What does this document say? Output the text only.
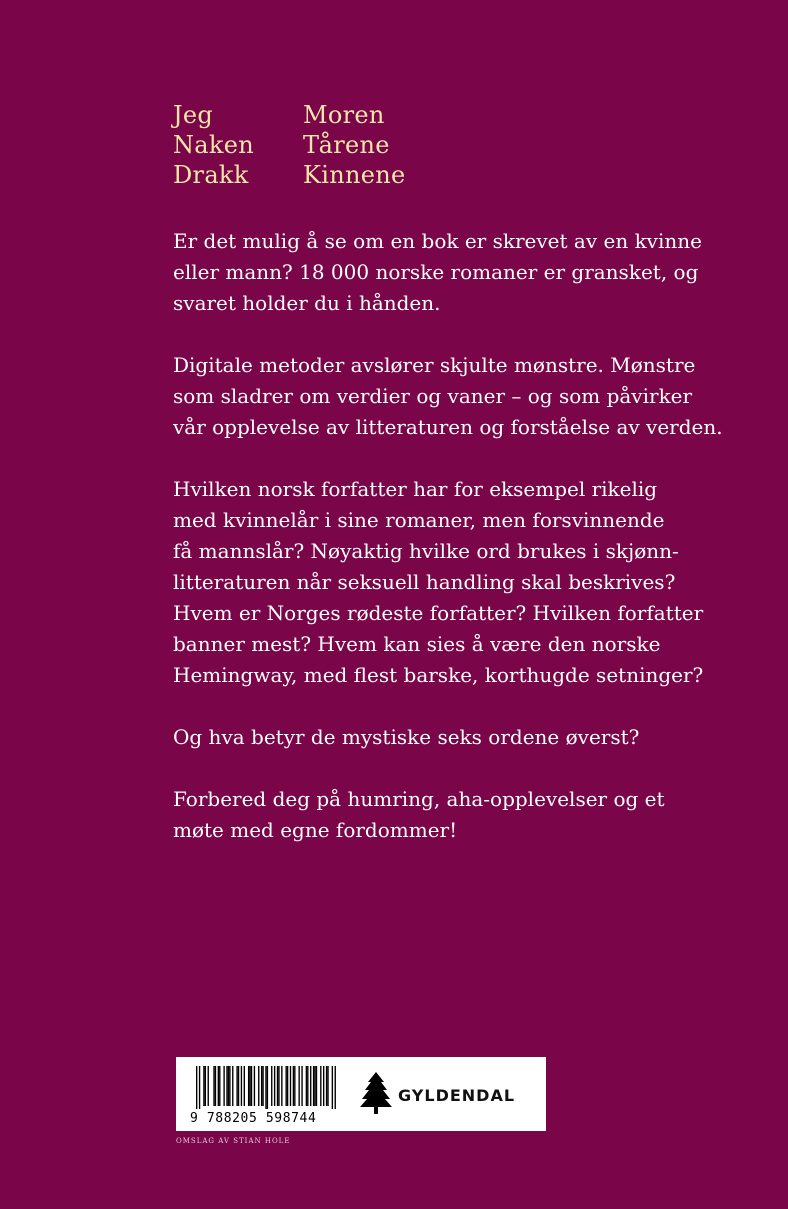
Jeg
Naken
Drakk
Moren
Tårene
Kinnene

Er det mulig å se om en bok er skrevet av en kvinne
eller mann? 18 000 norske romaner er gransket, og
svaret holder du i hånden.

Digitale metoder avslører skjulte mønstre. Mønstre
som sladrer om verdier og vaner – og som påvirker
vår opplevelse av litteraturen og forståelse av verden.

Hvilken norsk forfatter har for eksempel rikelig
med kvinnelår i sine romaner, men forsvinnende
få mannslår? Nøyaktig hvilke ord brukes i skjønn-
litteraturen når seksuell handling skal beskrives?
Hvem er Norges rødeste forfatter? Hvilken forfatter
banner mest? Hvem kan sies å være den norske
Hemingway, med flest barske, korthugde setninger?

Og hva betyr de mystiske seks ordene øverst?

Forbered deg på humring, aha-opplevelser og et
møte med egne fordommer!

9 788205 598744
GYLDENDAL
OMSLAG AV STIAN HOLE
